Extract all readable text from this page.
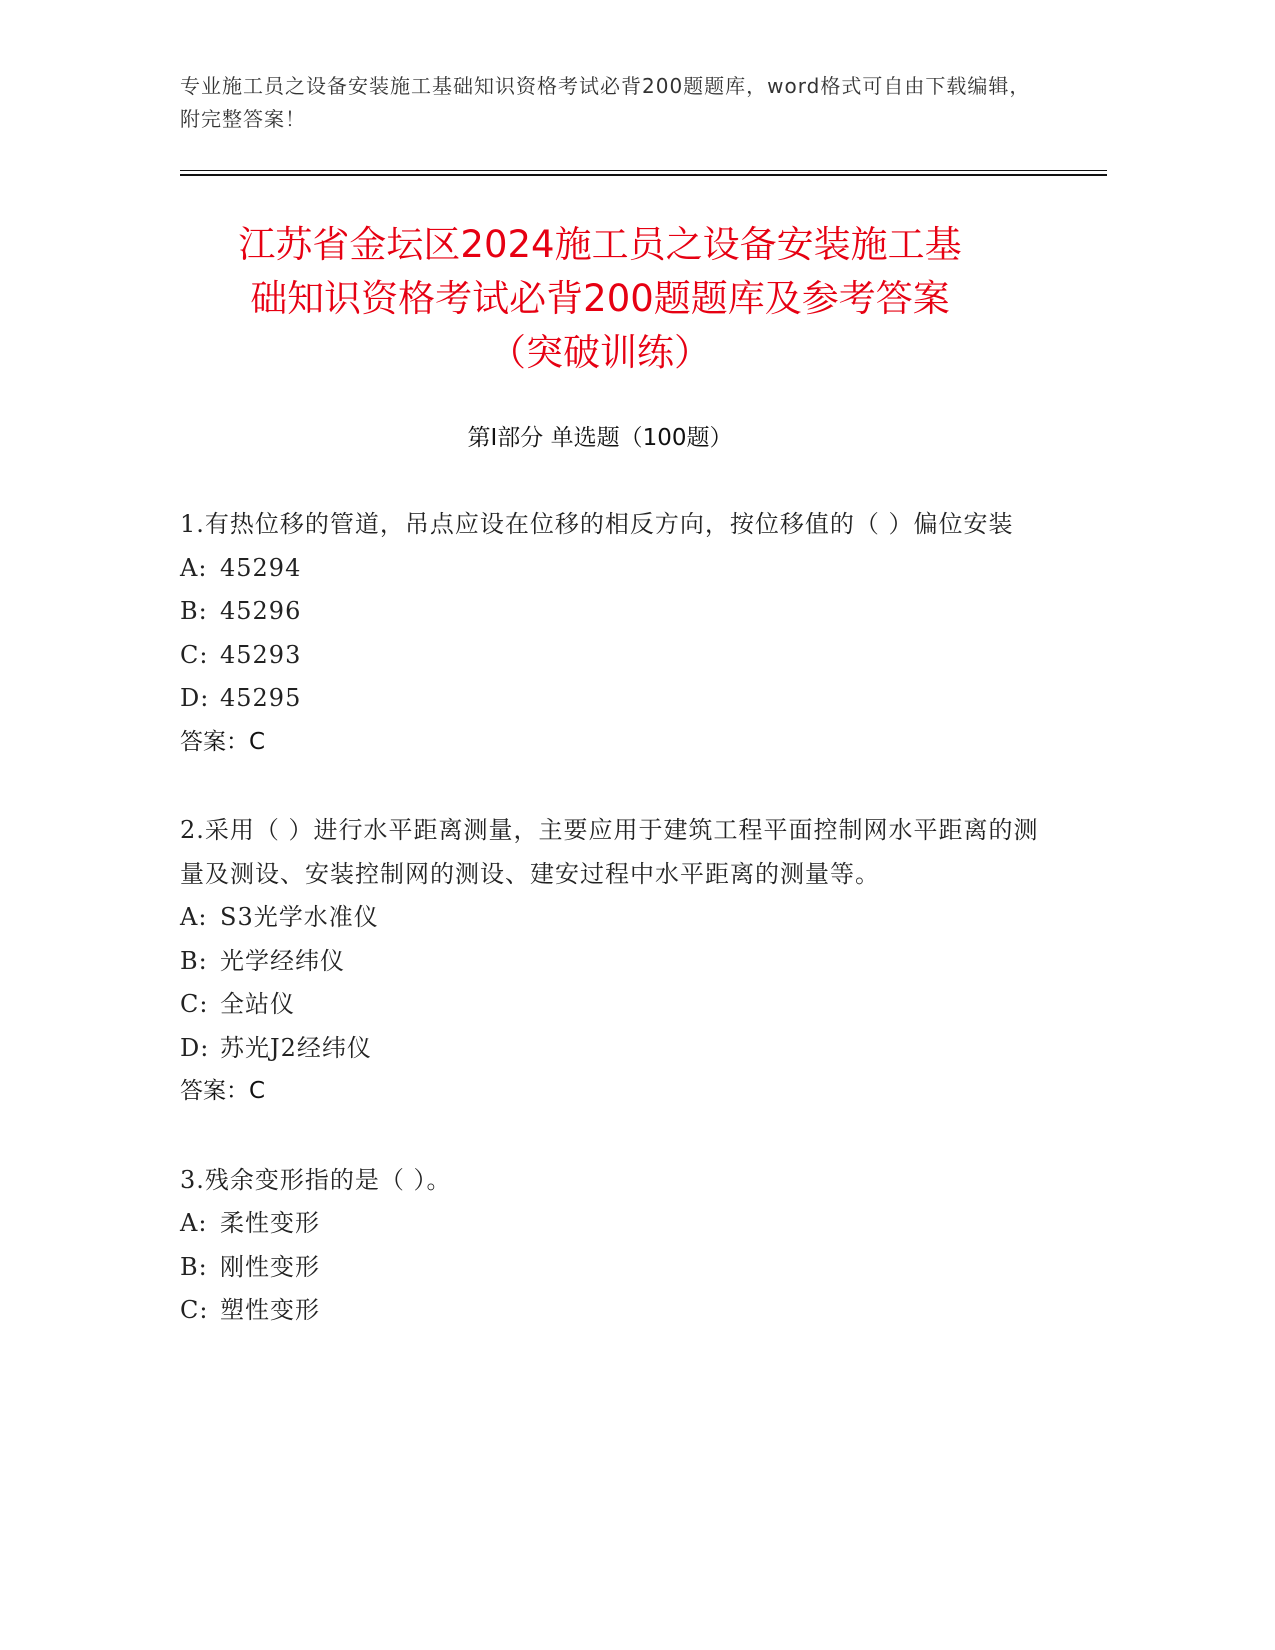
专业施工员之设备安装施工基础知识资格考试必背200题题库，word格式可自由下载编辑，附完整答案！
江苏省金坛区2024施工员之设备安装施工基
础知识资格考试必背200题题库及参考答案
（突破训练）
第Ⅰ部分 单选题（100题）
1.有热位移的管道，吊点应设在位移的相反方向，按位移值的（ ）偏位安装
A: 45294
B: 45296
C: 45293
D: 45295
答案：C
2.采用（ ）进行水平距离测量，主要应用于建筑工程平面控制网水平距离的测量及测设、安装控制网的测设、建安过程中水平距离的测量等。
A: S3光学水准仪
B: 光学经纬仪
C: 全站仪
D: 苏光J2经纬仪
答案：C
3.残余变形指的是（ ）。
A: 柔性变形
B: 刚性变形
C: 塑性变形
